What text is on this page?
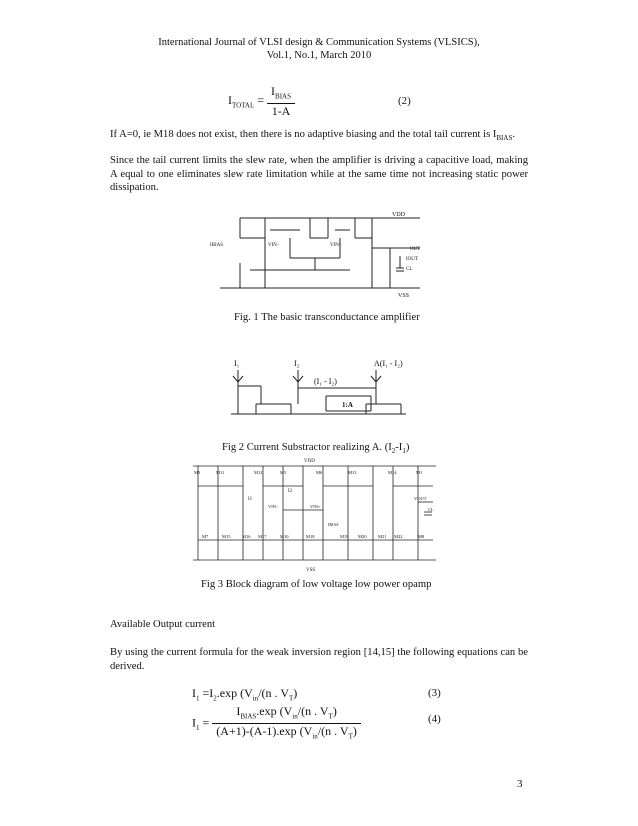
International Journal of VLSI design & Communication Systems (VLSICS),
Vol.1, No.1, March 2010
$I_{TOTAL} = \frac{I_{BIAS}}{1-A}$	(2)
If A=0, ie M18 does not exist, then there is no adaptive biasing and the total tail current is $I_{BIAS}$.
Since the tail current limits the slew rate, when the amplifier is driving a capacitive load, making A equal to one eliminates slew rate limitation while at the same time not increasing static power dissipation.
VDD
IBIAS	VIN−	VIN+
OUT
IOUT
CL
VSS
Fig. 1 The basic transconductance amplifier
I₁	I₂
(I₁ - I₂)
A(I₁ - I₂)
1:A
Fig 2 Current Substractor realizing A. $(I_2-I_1)$
VDD
VSS
VOUT
CL
I1
I2
VIN−	VIN+
IBIAS
M3	M11	M12	M5	M6	M13	M14	M1
M7	M15	M16 M17	M10	M18	M19 M20	M21 M22	M8
Fig 3 Block diagram of low voltage low power opamp
Available Output current
By using the current formula for the weak inversion region [14,15] the following equations can be derived.
$I_1 =I_2.\exp$ ($V_{in}/(n$ . $V_T$)	(3)
$I_1 = \frac{I_{BIAS}.\exp (V_{in}/(n . V_T)}{(A+1)-(A-1).\exp (V_{in}/(n . V_T)}$	(4)
3
